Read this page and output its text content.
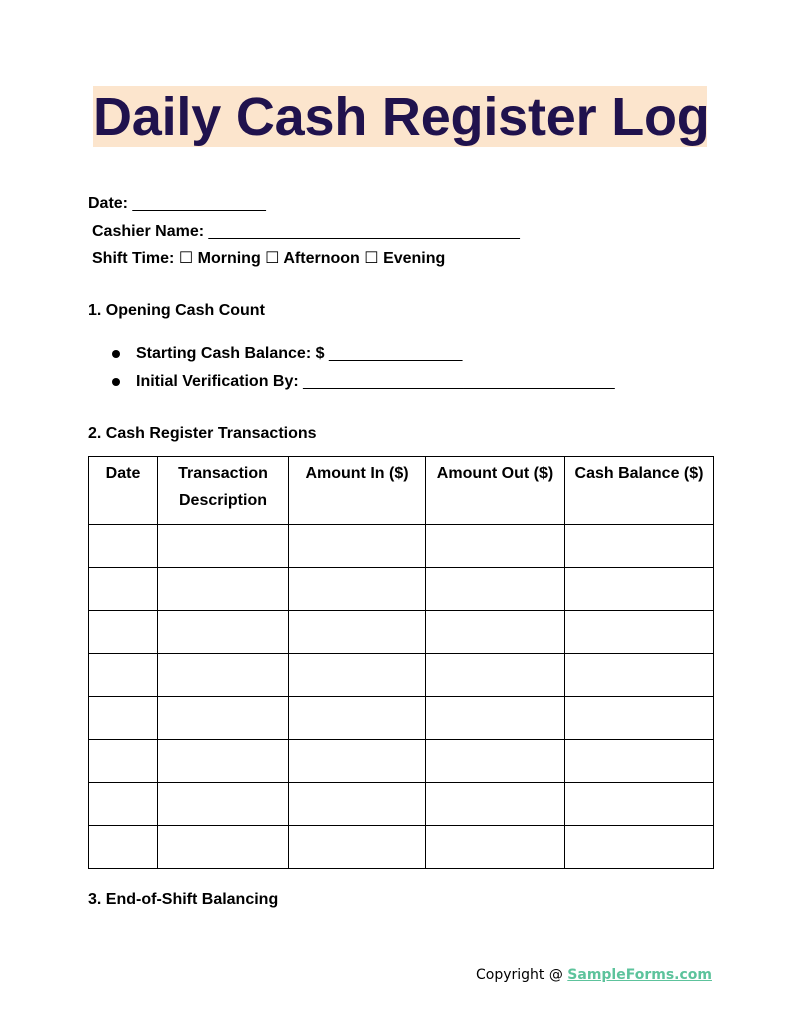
Daily Cash Register Log
Date: _______________
Cashier Name: ___________________________________
Shift Time: ☐ Morning ☐ Afternoon ☐ Evening
1. Opening Cash Count
Starting Cash Balance: $ _______________
Initial Verification By: ___________________________________
2. Cash Register Transactions
Date	Transaction Description	Amount In ($)	Amount Out ($)	Cash Balance ($)

3. End-of-Shift Balancing
Copyright @ SampleForms.com
